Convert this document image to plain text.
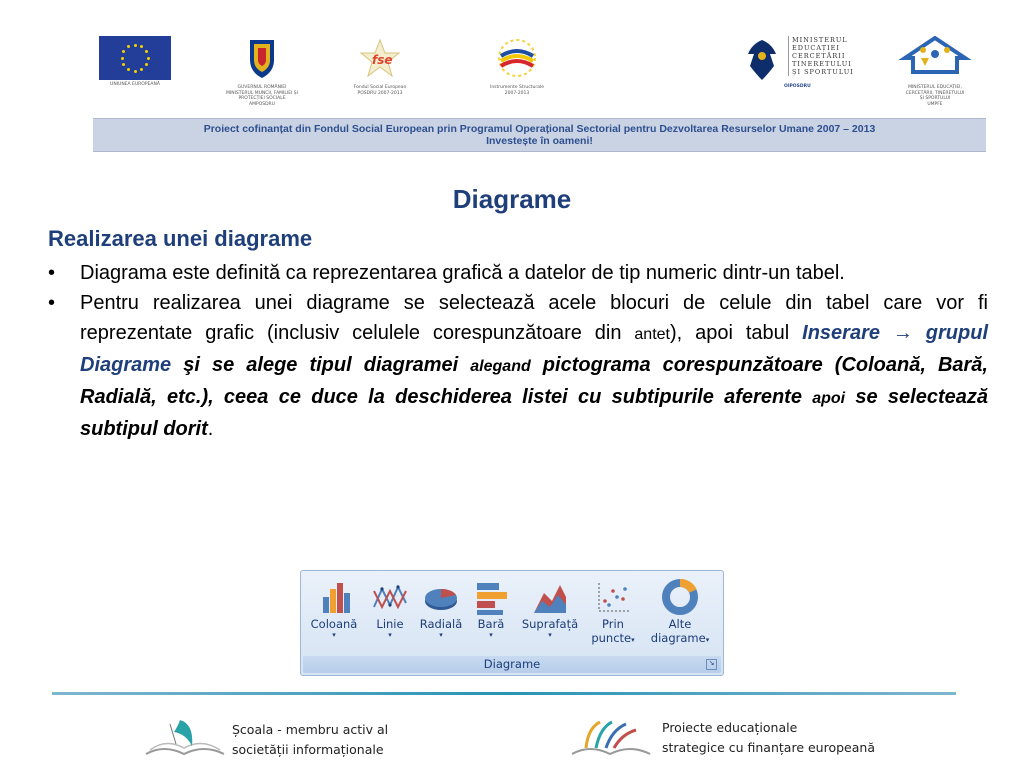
UNIUNEA EUROPEANĂ
GUVERNUL ROMÂNIEI
MINISTERUL MUNCII, FAMILIEI ȘI
PROTECȚIEI SOCIALE
AMPOSDRU
fse
Fondul Social European
POSDRU 2007-2013
Instrumente Structurale
2007-2013
MINISTERUL
EDUCAȚIEI
CERCETĂRII
TINERETULUI
ȘI SPORTULUI
OIPOSDRU	MINISTERUL EDUCAȚIEI,
CERCETĂRII, TINERETULUI
ȘI SPORTULUI
UMPFE
Proiect cofinanțat din Fondul Social European prin Programul Operațional Sectorial pentru Dezvoltarea Resurselor Umane 2007 – 2013
Investește în oameni!
Diagrame
Realizarea unei diagrame
• Diagrama este definită ca reprezentarea grafică a datelor de tip numeric dintr-un tabel.
• Pentru realizarea unei diagrame se selectează acele blocuri de celule din tabel care vor fi reprezentate grafic (inclusiv celulele corespunzătoare din antet), apoi tabul Inserare → grupul Diagrame şi se alege tipul diagramei alegand pictograma corespunzătoare (Coloană, Bară, Radială, etc.), ceea ce duce la deschiderea listei cu subtipurile aferente apoi se selectează subtipul dorit.
Coloană
▾
Linie
▾
Radială
▾
Bară
▾
Suprafață
▾
Prin
puncte▾
Alte
diagrame▾
Diagrame	↘
Școala - membru activ al
societății informaționale
Proiecte educaționale
strategice cu finanțare europeană
